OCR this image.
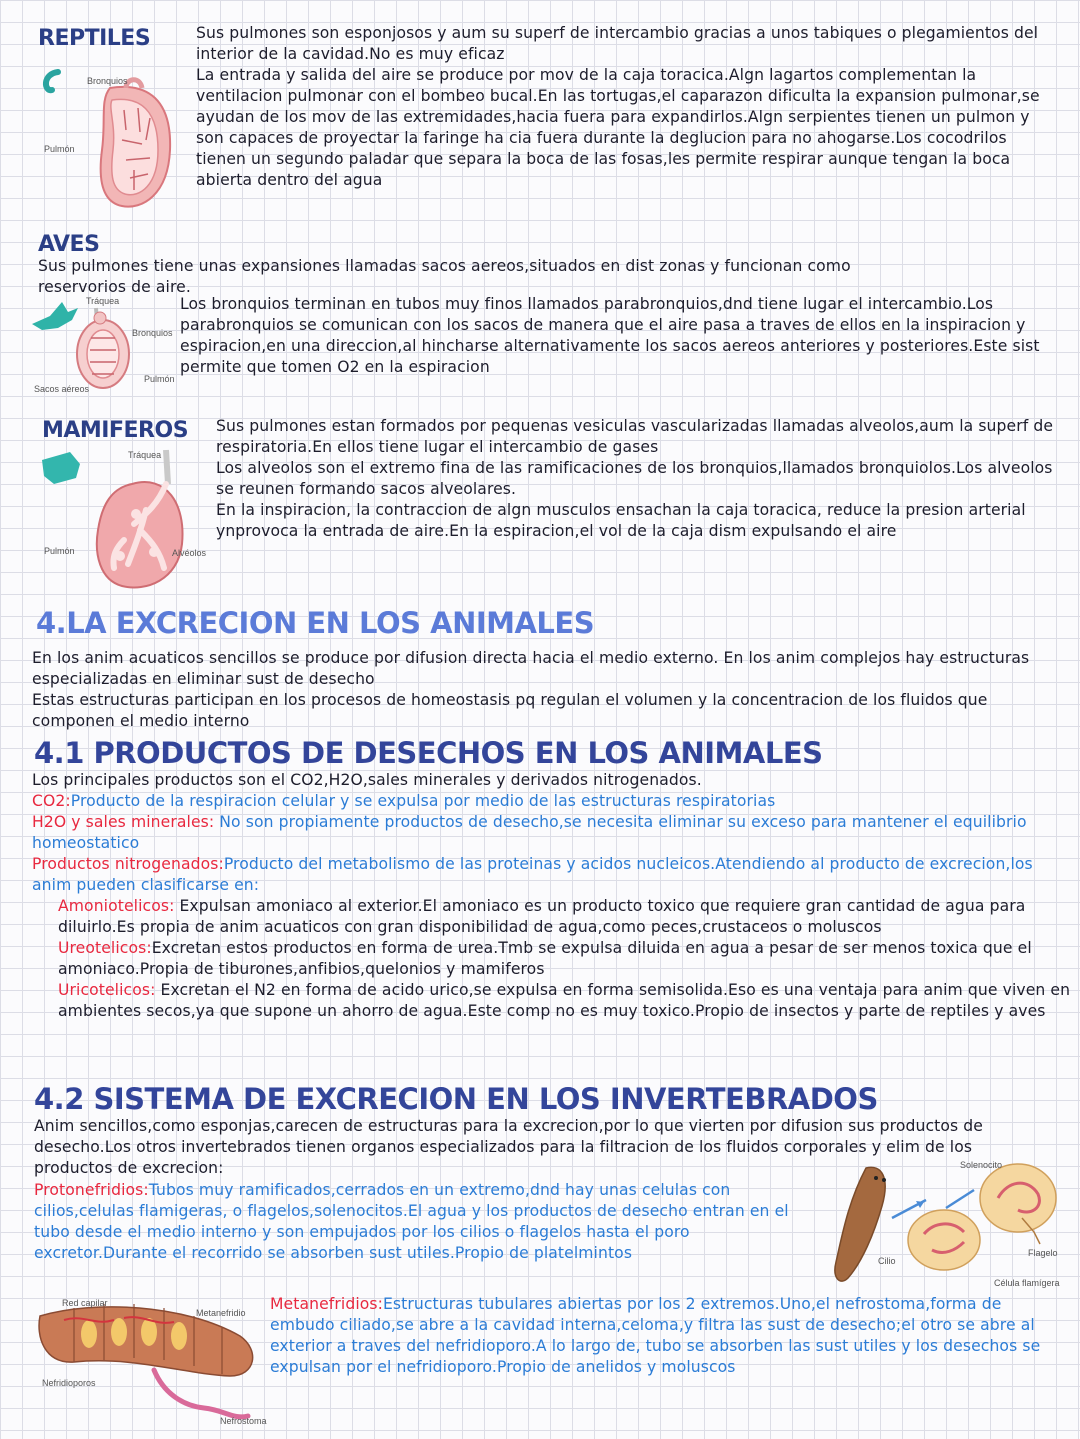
REPTILES
Bronquios
Pulmón

Sus pulmones son esponjosos y aum su superf de intercambio gracias a unos tabiques o plegamientos del interior de la cavidad.No es muy eficaz

La entrada y salida del aire se produce por mov de la caja toracica.Algn lagartos complementan la ventilacion pulmonar con el bombeo bucal.En las tortugas,el caparazon dificulta la expansion pulmonar,se ayudan de los mov de las extremidades,hacia fuera para expandirlos.Algn serpientes tienen un pulmon y son capaces de proyectar la faringe ha cia fuera durante la deglucion para no ahogarse.Los cocodrilos tienen un segundo paladar que separa la boca de las fosas,les permite respirar aunque tengan la boca abierta dentro del agua

AVES
Sus pulmones tiene unas expansiones llamadas sacos aereos,situados en dist zonas y funcionan como reservorios de aire.
Tráquea
Bronquios
Pulmón
Sacos aéreos
Los bronquios terminan en tubos muy finos llamados parabronquios,dnd tiene lugar el intercambio.Los parabronquios se comunican con los sacos de manera que el aire pasa a traves de ellos en la inspiracion y espiracion,en una direccion,al hincharse alternativamente los sacos aereos anteriores y posteriores.Este sist permite que tomen O2 en la espiracion
MAMIFEROS
Tráquea
Pulmón	Alvéolos

Sus pulmones estan formados por pequenas vesiculas vascularizadas llamadas alveolos,aum la superf de respiratoria.En ellos tiene lugar el intercambio de gases

Los alveolos son el extremo fina de las ramificaciones de los bronquios,llamados bronquiolos.Los alveolos se reunen formando sacos alveolares.

En la inspiracion, la contraccion de algn musculos ensachan la caja toracica, reduce la presion arterial ynprovoca la entrada de aire.En la espiracion,el vol de la caja dism expulsando el aire

4.LA EXCRECION EN LOS ANIMALES

En los anim acuaticos sencillos se produce por difusion directa hacia el medio externo. En los anim complejos hay estructuras especializadas en eliminar sust de desecho

Estas estructuras participan en los procesos de homeostasis pq regulan el volumen y la concentracion de los fluidos que componen el medio interno

4.1 PRODUCTOS DE DESECHOS EN LOS ANIMALES

Los principales productos son el CO2,H2O,sales minerales y derivados nitrogenados.

CO2:Producto de la respiracion celular y se expulsa por medio de las estructuras respiratorias

H2O y sales minerales: No son propiamente productos de desecho,se necesita eliminar su exceso para mantener el equilibrio homeostatico

Productos nitrogenados:Producto del metabolismo de las proteinas y acidos nucleicos.Atendiendo al producto de excrecion,los anim pueden clasificarse en:

Amoniotelicos: Expulsan amoniaco al exterior.El amoniaco es un producto toxico que requiere gran cantidad de agua para diluirlo.Es propia de anim acuaticos con gran disponibilidad de agua,como peces,crustaceos o moluscos

Ureotelicos:Excretan estos productos en forma de urea.Tmb se expulsa diluida en agua a pesar de ser menos toxica que el amoniaco.Propia de tiburones,anfibios,quelonios y mamiferos

Uricotelicos: Excretan el N2 en forma de acido urico,se expulsa en forma semisolida.Eso es una ventaja para anim que viven en ambientes secos,ya que supone un ahorro de agua.Este comp no es muy toxico.Propio de insectos y parte de reptiles y aves

4.2 SISTEMA DE EXCRECION EN LOS INVERTEBRADOS
Anim sencillos,como esponjas,carecen de estructuras para la excrecion,por lo que vierten por difusion sus productos de desecho.Los otros invertebrados tienen organos especializados para la filtracion de los fluidos corporales y elim de los productos de excrecion:
Protonefridios:Tubos muy ramificados,cerrados en un extremo,dnd hay unas celulas con cilios,celulas flamigeras, o flagelos,solenocitos.El agua y los productos de desecho entran en el tubo desde el medio interno y son empujados por los cilios o flagelos hasta el poro excretor.Durante el recorrido se absorben sust utiles.Propio de platelmintos
Solenocito
Flagelo
Cilio
Célula flamígera
Red capilar
Metanefridio
Nefridioporos
Nefrostoma
Metanefridios:Estructuras tubulares abiertas por los 2 extremos.Uno,el nefrostoma,forma de embudo ciliado,se abre a la cavidad interna,celoma,y filtra las sust de desecho;el otro se abre al exterior a traves del nefridioporo.A lo largo de, tubo se absorben las sust utiles y los desechos se expulsan por el nefridioporo.Propio de anelidos y moluscos
